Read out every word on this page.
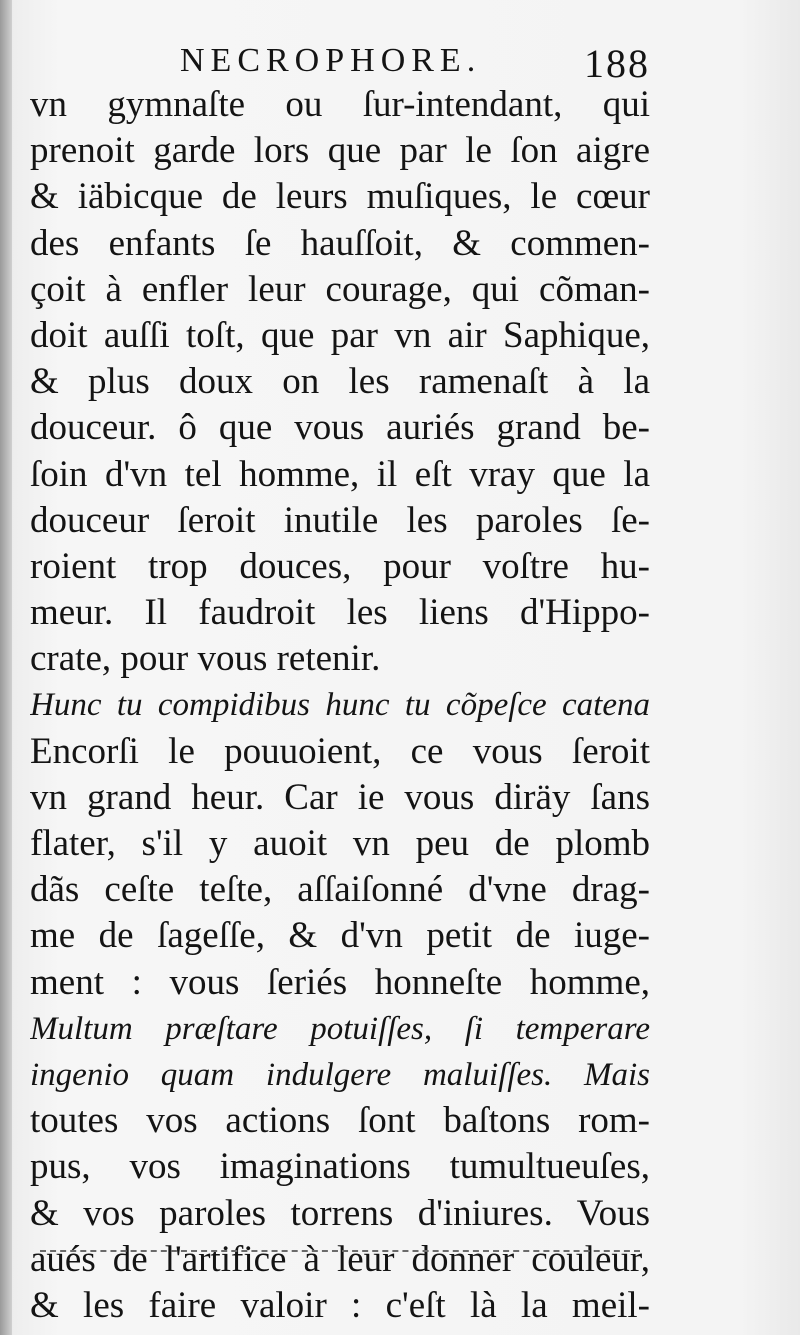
NECROPHORE.	188
vn gymnaſte ou ſur-intendant, qui
prenoit garde lors que par le ſon aigre
& iäbicque de leurs muſiques, le cœur
des enfants ſe hauſſoit, & commen-
çoit à enfler leur courage, qui cõman-
doit auſſi toſt, que par vn air Saphique,
& plus doux on les ramenaſt à la
douceur. ô que vous auriés grand be-
ſoin d'vn tel homme, il eſt vray que la
douceur ſeroit inutile les paroles ſe-
roient trop douces, pour voſtre hu-
meur. Il faudroit les liens d'Hippo-
crate, pour vous retenir.
Hunc tu compidibus hunc tu cõpeſce catena
Encorſi le pouuoient, ce vous ſeroit
vn grand heur. Car ie vous diräy ſans
flater, s'il y auoit vn peu de plomb
dãs ceſte teſte, aſſaiſonné d'vne drag-
me de ſageſſe, & d'vn petit de iuge-
ment : vous ſeriés honneſte homme,
Multum præſtare potuiſſes, ſi temperare
ingenio quam indulgere maluiſſes. Mais
toutes vos actions ſont baſtons rom-
pus, vos imaginations tumultueuſes,
& vos paroles torrens d'iniures. Vous
aués de l'artifice à leur donner couleur,
& les faire valoir : c'eſt là la meil-
